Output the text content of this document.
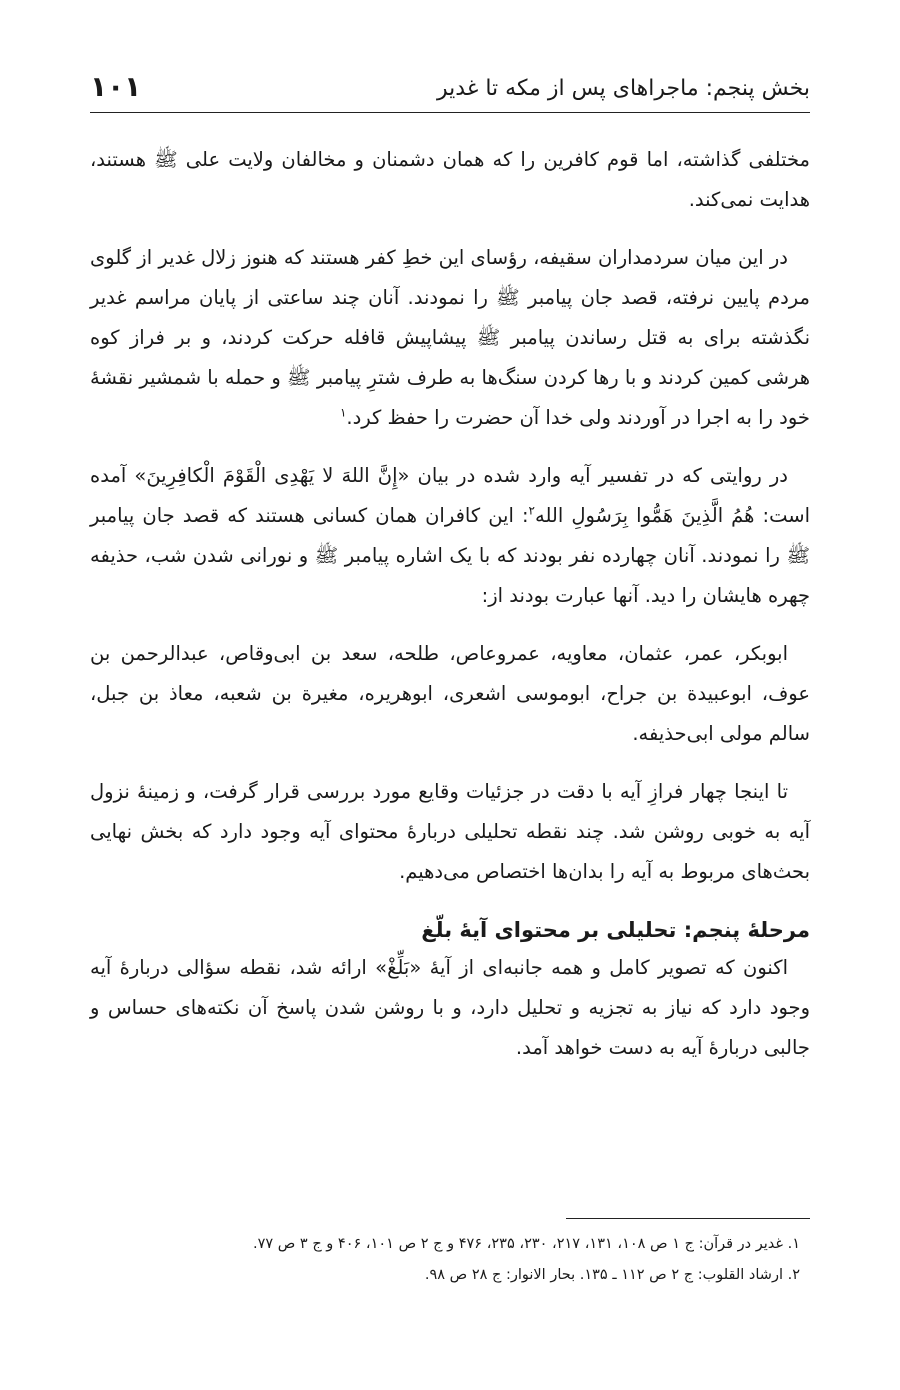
بخش پنجم: ماجراهای پس از مکه تا غدیر
۱۰۱

مختلفی گذاشته، اما قوم کافرین را که همان دشمنان و مخالفان ولایت علی ﷺ هستند، هدایت نمی‌کند.

در این میان سردمداران سقیفه، رؤسای این خطِ کفر هستند که هنوز زلال غدیر از گلوی مردم پایین نرفته، قصد جان پیامبر ﷺ را نمودند. آنان چند ساعتی از پایان مراسم غدیر نگذشته برای به قتل رساندن پیامبر ﷺ پیشاپیش قافله حرکت کردند، و بر فراز کوه هرشی کمین کردند و با رها کردن سنگ‌ها به طرف شترِ پیامبر ﷺ و حمله با شمشیر نقشهٔ خود را به اجرا در آوردند ولی خدا آن حضرت را حفظ کرد.$^۱$

در روایتی که در تفسیر آیه وارد شده در بیان «إِنَّ اللهَ لا یَهْدِی الْقَوْمَ الْکافِرِینَ» آمده است: هُمُ الَّذِینَ هَمُّوا بِرَسُولِ الله$^۲$: این کافران همان کسانی هستند که قصد جان پیامبر ﷺ را نمودند. آنان چهارده نفر بودند که با یک اشاره پیامبر ﷺ و نورانی شدن شب، حذیفه چهره هایشان را دید. آنها عبارت بودند از:

ابوبکر، عمر، عثمان، معاویه، عمروعاص، طلحه، سعد بن ابی‌وقاص، عبدالرحمن بن عوف، ابوعبیدة بن جراح، ابوموسی اشعری، ابوهریره، مغیرة بن شعبه، معاذ بن جبل، سالم مولی ابی‌حذیفه.

تا اینجا چهار فرازِ آیه با دقت در جزئیات وقایع مورد بررسی قرار گرفت، و زمینهٔ نزول آیه به خوبی روشن شد. چند نقطه تحلیلی دربارهٔ محتوای آیه وجود دارد که بخش نهایی بحث‌های مربوط به آیه را بدان‌ها اختصاص می‌دهیم.

مرحلهٔ پنجم: تحلیلی بر محتوای آیهٔ بلّغ

اکنون که تصویر کامل و همه جانبه‌ای از آیهٔ «بَلِّغْ» ارائه شد، نقطه سؤالی دربارهٔ آیه وجود دارد که نیاز به تجزیه و تحلیل دارد، و با روشن شدن پاسخ آن نکته‌های حساس و جالبی دربارهٔ آیه به دست خواهد آمد.

۱. غدیر در قرآن: ج ۱ ص ۱۰۸، ۱۳۱، ۲۱۷، ۲۳۰، ۲۳۵، ۴۷۶ و ج ۲ ص ۱۰۱، ۴۰۶ و ج ۳ ص ۷۷.

۲. ارشاد القلوب: ج ۲ ص ۱۱۲ ـ ۱۳۵. بحار الانوار: ج ۲۸ ص ۹۸.
